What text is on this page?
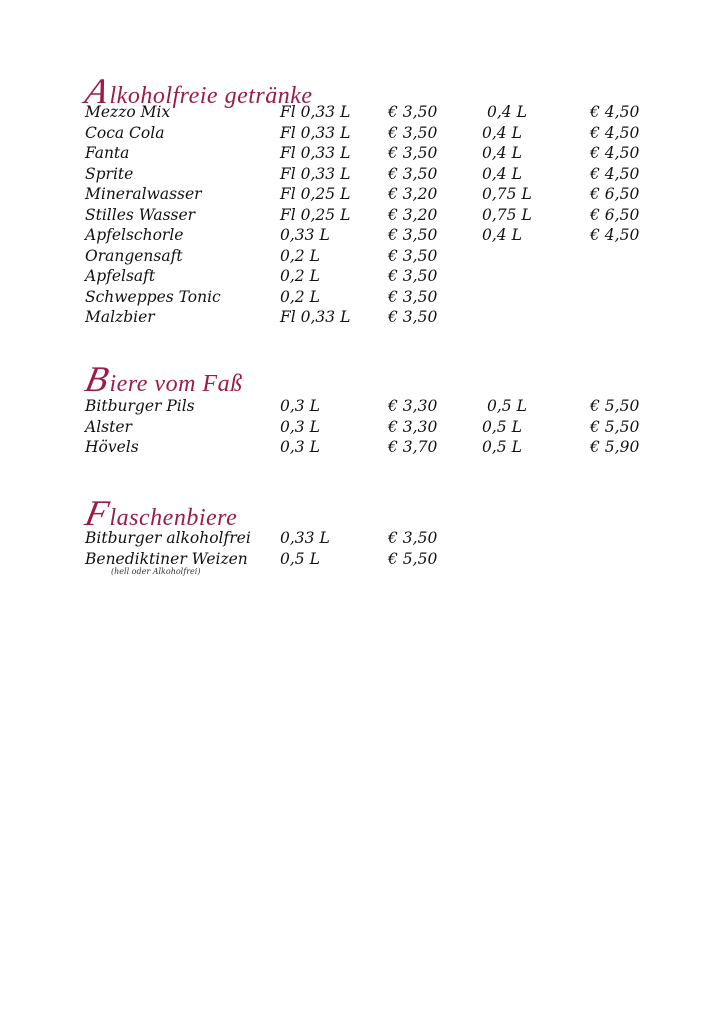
Alkoholfreie getränke
Mezzo Mix	Fl 0,33 L € 3,50	0,4 L	€ 4,50
Coca Cola	Fl 0,33 L € 3,50	0,4 L	€ 4,50
Fanta	Fl 0,33 L € 3,50	0,4 L	€ 4,50
Sprite	Fl 0,33 L € 3,50	0,4 L	€ 4,50
Mineralwasser	Fl 0,25 L € 3,20	0,75 L	€ 6,50
Stilles Wasser	Fl 0,25 L € 3,20	0,75 L	€ 6,50
Apfelschorle	0,33 L	€ 3,50	0,4 L	€ 4,50
Orangensaft	0,2 L	€ 3,50
Apfelsaft	0,2 L	€ 3,50
Schweppes Tonic	0,2 L	€ 3,50
Malzbier	Fl 0,33 L € 3,50
Biere vom Faß
Bitburger Pils	0,3 L	€ 3,30	0,5 L	€ 5,50
Alster	0,3 L	€ 3,30	0,5 L	€ 5,50
Hövels	0,3 L	€ 3,70	0,5 L	€ 5,90
Flaschenbiere
Bitburger alkoholfrei 0,33 L	€ 3,50
Benediktiner Weizen 0,5 L	€ 5,50
(hell oder Alkoholfrei)
